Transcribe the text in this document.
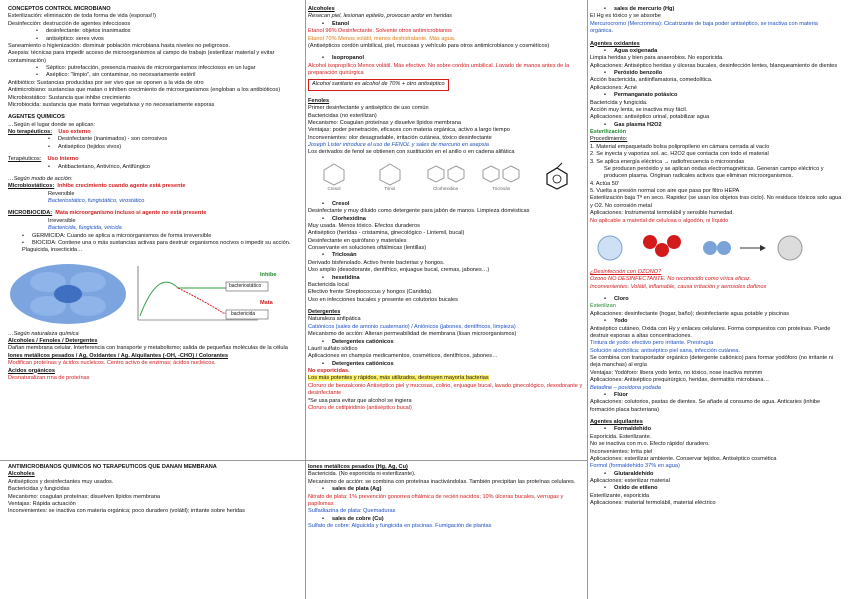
CONCEPTOS CONTROL MICROBIANO
Esterilización: eliminación de toda forma de vida (esporas!!)
Desinfección: destrucción de agentes infecciosos
• desinfectante: objetos inanimados
• antiséptico: seres vivos
Saneamiento o higienización: disminuir población microbiana hasta niveles no peligrosos.
Asepsia: técnicas para impedir acceso de microorganismos al campo de trabajo (esterilizar material y evitar contaminación)
• Séptico: putrefacción, presencia masiva de microorganismos infecciosos en un lugar
• Aséptico: "limpio", sin contaminar, no necesariamente estéril
Antibiótico: Sustancias producidas por ser vivo que se oponen a la vida de otro
Antimicrobiano: sustancias que matan o inhiben crecimiento de microorganismos (engloban a los antibióticos)
Microbiostático: Sustancia que inhibe crecimiento
Microbiocida: sustancia que mata formas vegetativas y no necesariamente esporas
AGENTES QUÍMICOS
…Según el lugar donde se aplican:
No terapéuticos: Uso externo
• Desinfectante (inanimados) - son corrosivos
• Antiséptico (tejidos vivos)
Terapéuticos: Uso interno
• Antibacteriano, Antivírico, Antifúngico
…Según modo de acción:
Microbiostáticos: Inhibe crecimiento cuando agente está presente
Reversible
Bacteriostático, fungistático, virostático
MICROBIOCIDA: Mata microorganismo incluso si agente no está presente
Irreversible
Bactericida, fungicida, viricida
• GERMICIDA: Cuando se aplica a microorganismos de forma irreversible
• BIOCIDA: Contiene una o más sustancias activas para destruir organismos nocivos o impedir su acción. Plaguicida, insecticida…
Inhibe
bacteriostático
Mata
bactericida
…Según naturaleza química
Alcoholes / Fenoles / Detergentes
Dañan membrana celular. Interferencia con transporte y metabolismo; salida de pequeñas moléculas de la célula
Iones metálicos pesados / Ag, Oxidantes / Ag. Alquilantes (-OH, -CHO) / Colorantes
Modifican proteínas y ácidos nucleicos. Centro activo de enzimas; ácidos nucleicos.
Ácidos orgánicos
Desnaturalizan rrna de proteínas
ANTIMICROBIANOS QUÍMICOS NO TERAPÉUTICOS QUE DAÑAN MEMBRANA
Alcoholes
Antisépticos y desinfectantes muy usados.
Bactericidas y fungicidas
Mecanismo: coagulan proteínas; disuelven lípidos membrana
Ventajas: Rápida actuación
Inconvenientes: se inactiva con materia orgánica; poco duradero (volátil); irritante sobre heridas
Alcoholes
Resecan piel, lesionan epitelio, provocan ardor en heridas
• Etanol
Etanol 96% Desinfectante. Solvente otros antimicrobianos
Etanol 70% Menos volátil, menos deshidratante. Más agua.
(Antisépticos cordón umbilical, piel, mucosas y vehículo para otros antimicrobianos y cosméticos)
• Isopropanol
Alcohol isopropílico Menos volátil. Más efectivo. No sobre cordón umbilical. Lavado de manos antes de la preparación quirúrgica
Alcohol sanitario es alcohol de 70% + otro antiséptico
Fenoles
Primer desinfectante y antiséptico de uso común
Bactericidas (no esterilizan)
Mecanismo: Coagulan proteínas y disuelve lípidos membrana
Ventajas: poder penetración, eficaces con materia orgánica, activo a largo tiempo
Inconvenientes: olor desagradable, irritación cutánea, tóxico desinfectante
Joseph Lister introduce el uso de FENOL y sales de mercurio en asepsia
Los derivados de fenol se obtienen con sustitución en el anillo o en cadena alifática
Cresol	Timol	Clorhexidina	Triclosán
• Cresol
Desinfectante y muy diluido como detergente para jabón de manos. Limpieza domésticas
• Clorhexidina
Muy usada. Menos tóxico. Efectos duraderos
Antiséptico (heridas - cristamina, ginecológico - Lintemil, bucal)
Desinfectante en quirófano y materiales
Conservante en soluciones oftálmicas (lentillas)
• Triclosán
Derivado bisfenolado. Activo frente bacterias y hongos.
Uso amplio (desodorante, dentífrico, enjuague bucal, cremas, jabones…)
• hexetidina
Bactericida local
Efectivo frente Streptococcus y hongos (Candida).
Uso en infecciones bucales y presente en colutorios bucales
Detergentes
Naturaleza anfipática
Catiónicos (sales de amonio cuaternario) / Aniónicos (jabones, dentífricos, limpieza)
Mecanismo de acción: Alteran permeabilidad de membrana (lisan microorganismos)
• Detergentes catiónicos
Lauril sulfato sódico
Aplicaciones en champús medicamentos, cosméticos, dentífricos, jabones…
• Detergentes catiónicos
No esporicidas.
Los más potentes y rápidos, más utilizados, destruyen mayoría bacterias
Cloruro de benzalconio Antiséptico piel y mucosas, colirio, enjuague bucal, lavado ginecológico, desodorante y desinfectante
*Se usa para evitar que alcohol se ingiera
Cloruro de cetilpiridinio (antiséptico bucal)
Iones metálicos pesados (Hg, Ag, Cu)
Bactericida. (No esporicida ni esterilizante).
Mecanismo de acción: se combina con proteínas inactivándolas. También precipitan las proteínas celulares.
• sales de plata (Ag)
Nitrato de plata: 1% prevención gonorrea oftálmica de recién nacidos; 10% úlceras bucales, verrugas y papilomas
Sulfadiazina de plata: Quemaduras
• sales de cobre (Cu)
Sulfato de cobre: Alguicida y fungicida en piscinas. Fumigación de plantas
• sales de mercurio (Hg)
El Hg es tóxico y se absorbe
Mercurocromo (Mercromina): Cicatrizante de baja poder antiséptico, se inactiva con materia orgánica.
Agentes oxidantes
• Agua oxigenada
Limpia heridas y bien para anaerobios. No esporicida.
Aplicaciones: Antiséptico heridas y úlceras bucales, desinfección lentes, blanqueamiento de dientes
• Peróxido benzoílo
Acción bactericida, antiinflamatoria, comedolítica.
Aplicaciones: Acné
• Permanganato potásico
Bactericida y fungicida.
Acción muy lenta, se inactiva muy fácil.
Aplicaciones: antiséptico urinal, potabilizar agua
• Gas plasma H2O2
Esterilización
Procedimiento:
1. Material empaquetado bolsa polipropileno en cámara cerrada al vacío
2. Se inyecta y vaporiza sol. ac. H2O2 que contacta con todo el material
3. Se aplica energía eléctrica → radiofrecuencia o microondas
Se producen peróxido y se aplican ondas electromagnéticas. Generan campo eléctrico y producen plasma. Originan radicales activos que eliminan microorganismos.
4. Actúa 50'
5. Vuelta a presión normal con aire que pasa por filtro HEPA
Esterilización baja Tª en seco. Rapidez (se usan los objetos tras ciclo). No residuos tóxicos solo agua y O2. No corrosión metal
Aplicaciones: Instrumental termolábil y sensible humedad.
No aplicable a material de celulosa o algodón, ni líquido
¿Desinfección con OZONO?
Ozono NO DESINFECTANTE. No reconocido como vírica eficaz.
Inconvenientes: Volátil, inflamable, causa irritación y aerosoles dañinos
• Cloro
Esterilizan
Aplicaciones: desinfectante (hogar, baño); desinfectante agua potable y piscinas
• Yodo
Antiséptico cutáneo. Oxida con Hy y enlaces celulares. Forma compuestos con proteínas. Puede destruir esporas a altas concentraciones.
Tintura de yodo: efectivo pero irritante. Preoírugía
Solución alcohólica: antiséptico piel sana, infección cutánea.
Se combina con transportador orgánico (detergente catiónico) para formar yodóforo (no irritante ni deja manchas) al ergía
Ventajas: Yodóforo: libera yodo lento, no tóxico, nose inactiva mmmm
Aplicaciones: Antiséptico prequirúrgico, heridas, dermatitis microbiana…
Betadine – povidona yodada
• Flúor
Aplicaciones: colutorios, pastas de dientes. Se añade al consumo de agua. Anticaries (inhibe formación placa bacteriana)
Agentes alquilantes
• Formaldehído
Esporicida. Esterilizante.
No se inactiva con m.o. Efecto rápido/ duradero.
Inconvenientes: Irrita piel
Aplicaciones: esterilizar ambiente. Conservar tejidos. Antiséptico cosmética
Formol (formaldehído 37% en agua)
• Glutaraldehído
Aplicaciones: esterilizar material
• Óxido de etileno
Esterilizante, esporicida
Aplicaciones: material termolábil, material eléctrico
